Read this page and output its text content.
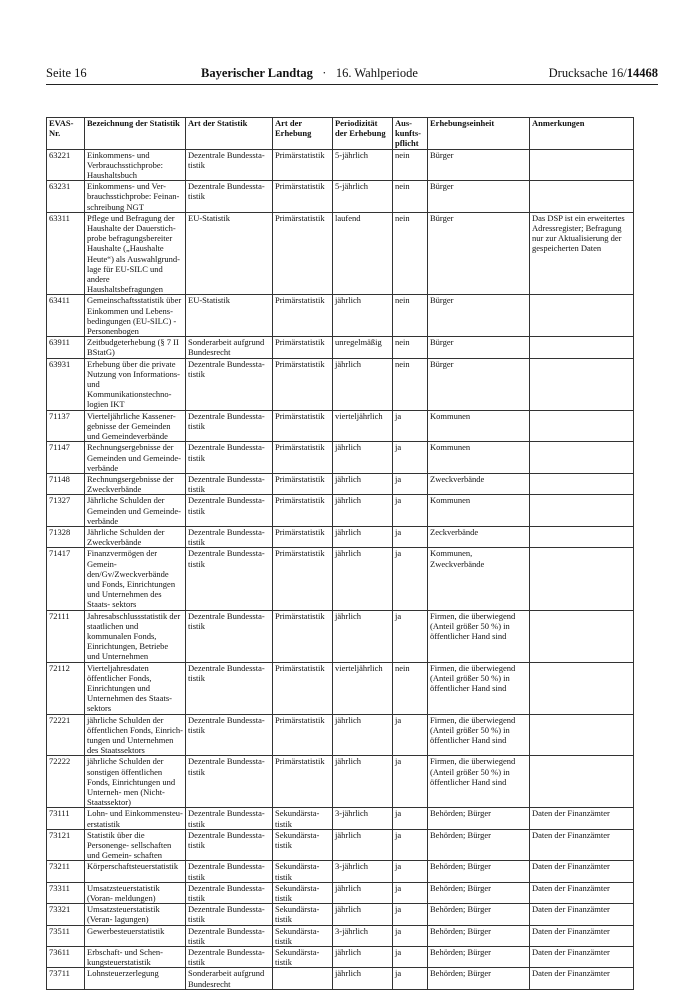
Seite 16	Bayerischer Landtag · 16. Wahlperiode	Drucksache 16/14468
EVAS-Nr.	Bezeichnung der Statistik	Art der Statistik	Art der Erhebung	Periodizität der Erhebung	Aus- kunfts- pflicht	Erhebungseinheit	Anmerkungen
63221	Einkommens- und Verbrauchsstichprobe: Haushaltsbuch	Dezentrale Bundessta- tistik	Primärstatistik	5-jährlich	nein	Bürger	
63231	Einkommens- und Ver- brauchsstichprobe: Feinan- schreibung NGT	Dezentrale Bundessta- tistik	Primärstatistik	5-jährlich	nein	Bürger	
63311	Pflege und Befragung der Haushalte der Dauerstich- probe befragungsbereiter Haushalte („Haushalte Heute“) als Auswahlgrund- lage für EU-SILC und andere Haushaltsbefragungen	EU-Statistik	Primärstatistik	laufend	nein	Bürger	Das DSP ist ein erweitertes Adressregister; Befragung nur zur Aktualisierung der gespeicherten Daten
63411	Gemeinschaftsstatistik über Einkommen und Lebens- bedingungen (EU-SILC) - Personenbogen	EU-Statistik	Primärstatistik	jährlich	nein	Bürger	
63911	Zeitbudgeterhebung (§ 7 II BStatG)	Sonderarbeit aufgrund Bundesrecht	Primärstatistik	unregelmäßig	nein	Bürger	
63931	Erhebung über die private Nutzung von Informations- und Kommunikationstechno- logien IKT	Dezentrale Bundessta- tistik	Primärstatistik	jährlich	nein	Bürger	
71137	Vierteljährliche Kassener- gebnisse der Gemeinden und Gemeindeverbände	Dezentrale Bundessta- tistik	Primärstatistik	vierteljährlich	ja	Kommunen	
71147	Rechnungsergebnisse der Gemeinden und Gemeinde- verbände	Dezentrale Bundessta- tistik	Primärstatistik	jährlich	ja	Kommunen	
71148	Rechnungsergebnisse der Zweckverbände	Dezentrale Bundessta- tistik	Primärstatistik	jährlich	ja	Zweckverbände	
71327	Jährliche Schulden der Gemeinden und Gemeinde- verbände	Dezentrale Bundessta- tistik	Primärstatistik	jährlich	ja	Kommunen	
71328	Jährliche Schulden der Zweckverbände	Dezentrale Bundessta- tistik	Primärstatistik	jährlich	ja	Zeckverbände	
71417	Finanzvermögen der Gemein- den/Gv/Zweckverbände und Fonds, Einrichtungen und Unternehmen des Staats- sektors	Dezentrale Bundessta- tistik	Primärstatistik	jährlich	ja	Kommunen, Zweckverbände	
72111	Jahresabschlussstatistik der staatlichen und kommunalen Fonds, Einrichtungen, Betriebe und Unternehmen	Dezentrale Bundessta- tistik	Primärstatistik	jährlich	ja	Firmen, die überwiegend (Anteil größer 50 %) in öffentlicher Hand sind	
72112	Vierteljahresdaten öffentlicher Fonds, Einrichtungen und Unternehmen des Staats- sektors	Dezentrale Bundessta- tistik	Primärstatistik	vierteljährlich	nein	Firmen, die überwiegend (Anteil größer 50 %) in öffentlicher Hand sind	
72221	jährliche Schulden der öffentlichen Fonds, Einrich- tungen und Unternehmen des Staatssektors	Dezentrale Bundessta- tistik	Primärstatistik	jährlich	ja	Firmen, die überwiegend (Anteil größer 50 %) in öffentlicher Hand sind	
72222	jährliche Schulden der sonstigen öffentlichen Fonds, Einrichtungen und Unterneh- men (Nicht-Staatssektor)	Dezentrale Bundessta- tistik	Primärstatistik	jährlich	ja	Firmen, die überwiegend (Anteil größer 50 %) in öffentlicher Hand sind	
73111	Lohn- und Einkommensteu- erstatistik	Dezentrale Bundessta- tistik	Sekundärsta- tistik	3-jährlich	ja	Behörden; Bürger	Daten der Finanzämter
73121	Statistik über die Personenge- sellschaften und Gemein- schaften	Dezentrale Bundessta- tistik	Sekundärsta- tistik	jährlich	ja	Behörden; Bürger	Daten der Finanzämter
73211	Körperschaftsteuerstatistik	Dezentrale Bundessta- tistik	Sekundärsta- tistik	3-jährlich	ja	Behörden; Bürger	Daten der Finanzämter
73311	Umsatzsteuerstatistik (Voran- meldungen)	Dezentrale Bundessta- tistik	Sekundärsta- tistik	jährlich	ja	Behörden; Bürger	Daten der Finanzämter
73321	Umsatzsteuerstatistik (Veran- lagungen)	Dezentrale Bundessta- tistik	Sekundärsta- tistik	jährlich	ja	Behörden; Bürger	Daten der Finanzämter
73511	Gewerbesteuerstatistik	Dezentrale Bundessta- tistik	Sekundärsta- tistik	3-jährlich	ja	Behörden; Bürger	Daten der Finanzämter
73611	Erbschaft- und Schen- kungsteuerstatistik	Dezentrale Bundessta- tistik	Sekundärsta- tistik	jährlich	ja	Behörden; Bürger	Daten der Finanzämter
73711	Lohnsteuerzerlegung	Sonderarbeit aufgrund Bundesrecht		jährlich	ja	Behörden; Bürger	Daten der Finanzämter
